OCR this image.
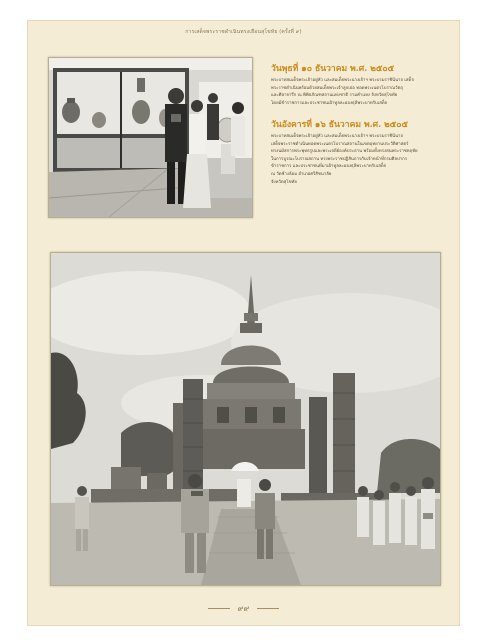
การเสด็จพระราชดำเนินทรงเยือนสุโขทัย (ครั้งที่ ๙)
วันพุธที่ ๑๐ ธันวาคม พ.ศ. ๒๕๐๕

พระบาทสมเด็จพระเจ้าอยู่หัว และสมเด็จพระนางเจ้าฯ พระบรมราชินีนาถ เสด็จ

พระราชดำเนินพร้อมด้วยสมเด็จพระเจ้าลูกเธอ ทอดพระเนตรโบราณวัตถุ

และศิลาจารึก ณ พิพิธภัณฑสถานแห่งชาติ รามคำแหง จังหวัดสุโขทัย

โดยมีข้าราชการและประชาชนเฝ้าทูลละอองธุลีพระบาทรับเสด็จ

วันอังคารที่ ๑๖ ธันวาคม พ.ศ. ๒๕๐๕

พระบาทสมเด็จพระเจ้าอยู่หัว และสมเด็จพระนางเจ้าฯ พระบรมราชินีนาถ

เสด็จพระราชดำเนินทอดพระเนตรโบราณสถานในเขตอุทยานประวัติศาสตร์

ทรงนมัสการพระพุทธรูปและพระเจดีย์องค์ประธาน พร้อมทั้งทรงสนพระราชหฤทัย

ในการบูรณะโบราณสถาน ทรงพระราชปฏิสันถารกับเจ้าหน้าที่กรมศิลปากร

ข้าราชการ และประชาชนที่มาเฝ้าทูลละอองธุลีพระบาทรับเสด็จ

ณ วัดช้างล้อม อำเภอศรีสัชนาลัย

จังหวัดสุโขทัย

๙๙
